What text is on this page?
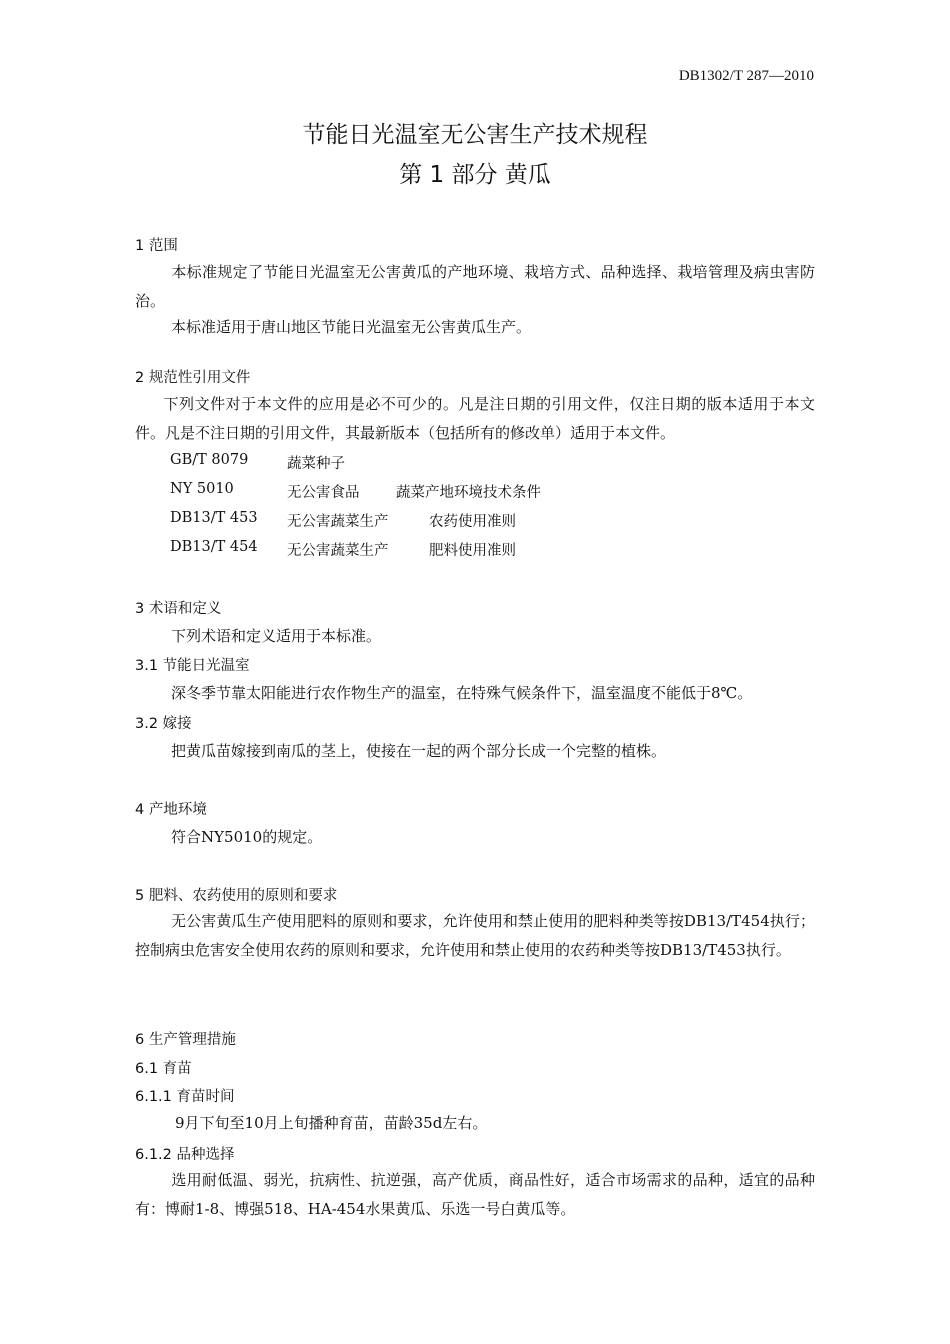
DB1302/T 287—2010
节能日光温室无公害生产技术规程
第 1 部分 黄瓜
1 范围
本标准规定了节能日光温室无公害黄瓜的产地环境、栽培方式、品种选择、栽培管理及病虫害防治。
本标准适用于唐山地区节能日光温室无公害黄瓜生产。
2 规范性引用文件
下列文件对于本文件的应用是必不可少的。凡是注日期的引用文件，仅注日期的版本适用于本文件。凡是不注日期的引用文件，其最新版本（包括所有的修改单）适用于本文件。
GB/T 8079	蔬菜种子
NY 5010	无公害食品	蔬菜产地环境技术条件
DB13/T 453 无公害蔬菜生产	农药使用准则
DB13/T 454 无公害蔬菜生产	肥料使用准则
3 术语和定义
下列术语和定义适用于本标准。
3.1 节能日光温室
深冬季节靠太阳能进行农作物生产的温室，在特殊气候条件下，温室温度不能低于8℃。
3.2 嫁接
把黄瓜苗嫁接到南瓜的茎上，使接在一起的两个部分长成一个完整的植株。
4 产地环境
符合NY5010的规定。
5 肥料、农药使用的原则和要求
无公害黄瓜生产使用肥料的原则和要求，允许使用和禁止使用的肥料种类等按DB13/T454执行；控制病虫危害安全使用农药的原则和要求，允许使用和禁止使用的农药种类等按DB13/T453执行。
6 生产管理措施
6.1 育苗
6.1.1 育苗时间
9月下旬至10月上旬播种育苗，苗龄35d左右。
6.1.2 品种选择
选用耐低温、弱光，抗病性、抗逆强，高产优质，商品性好，适合市场需求的品种，适宜的品种有：博耐1-8、博强518、HA-454水果黄瓜、乐选一号白黄瓜等。
